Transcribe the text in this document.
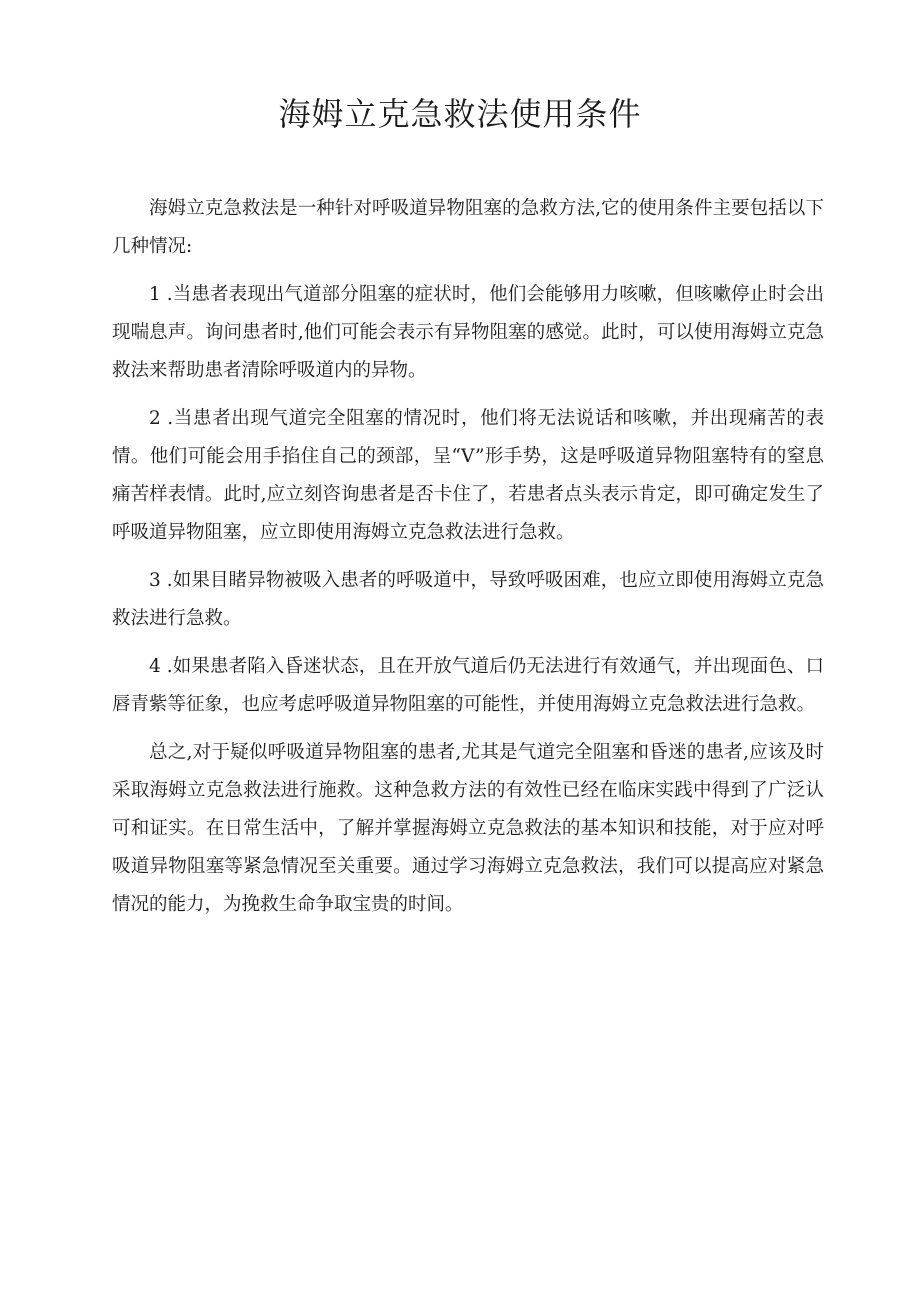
海姆立克急救法使用条件

海姆立克急救法是一种针对呼吸道异物阻塞的急救方法,它的使用条件主要包括以下几种情况:

1 .当患者表现出气道部分阻塞的症状时，他们会能够用力咳嗽，但咳嗽停止时会出现喘息声。询问患者时,他们可能会表示有异物阻塞的感觉。此时，可以使用海姆立克急救法来帮助患者清除呼吸道内的异物。

2 .当患者出现气道完全阻塞的情况时，他们将无法说话和咳嗽，并出现痛苦的表情。他们可能会用手掐住自己的颈部，呈“V”形手势，这是呼吸道异物阻塞特有的窒息痛苦样表情。此时,应立刻咨询患者是否卡住了，若患者点头表示肯定，即可确定发生了呼吸道异物阻塞，应立即使用海姆立克急救法进行急救。

3 .如果目睹异物被吸入患者的呼吸道中，导致呼吸困难，也应立即使用海姆立克急救法进行急救。

4 .如果患者陷入昏迷状态，且在开放气道后仍无法进行有效通气，并出现面色、口唇青紫等征象，也应考虑呼吸道异物阻塞的可能性，并使用海姆立克急救法进行急救。

总之,对于疑似呼吸道异物阻塞的患者,尤其是气道完全阻塞和昏迷的患者,应该及时采取海姆立克急救法进行施救。这种急救方法的有效性已经在临床实践中得到了广泛认可和证实。在日常生活中，了解并掌握海姆立克急救法的基本知识和技能，对于应对呼吸道异物阻塞等紧急情况至关重要。通过学习海姆立克急救法，我们可以提高应对紧急情况的能力，为挽救生命争取宝贵的时间。
